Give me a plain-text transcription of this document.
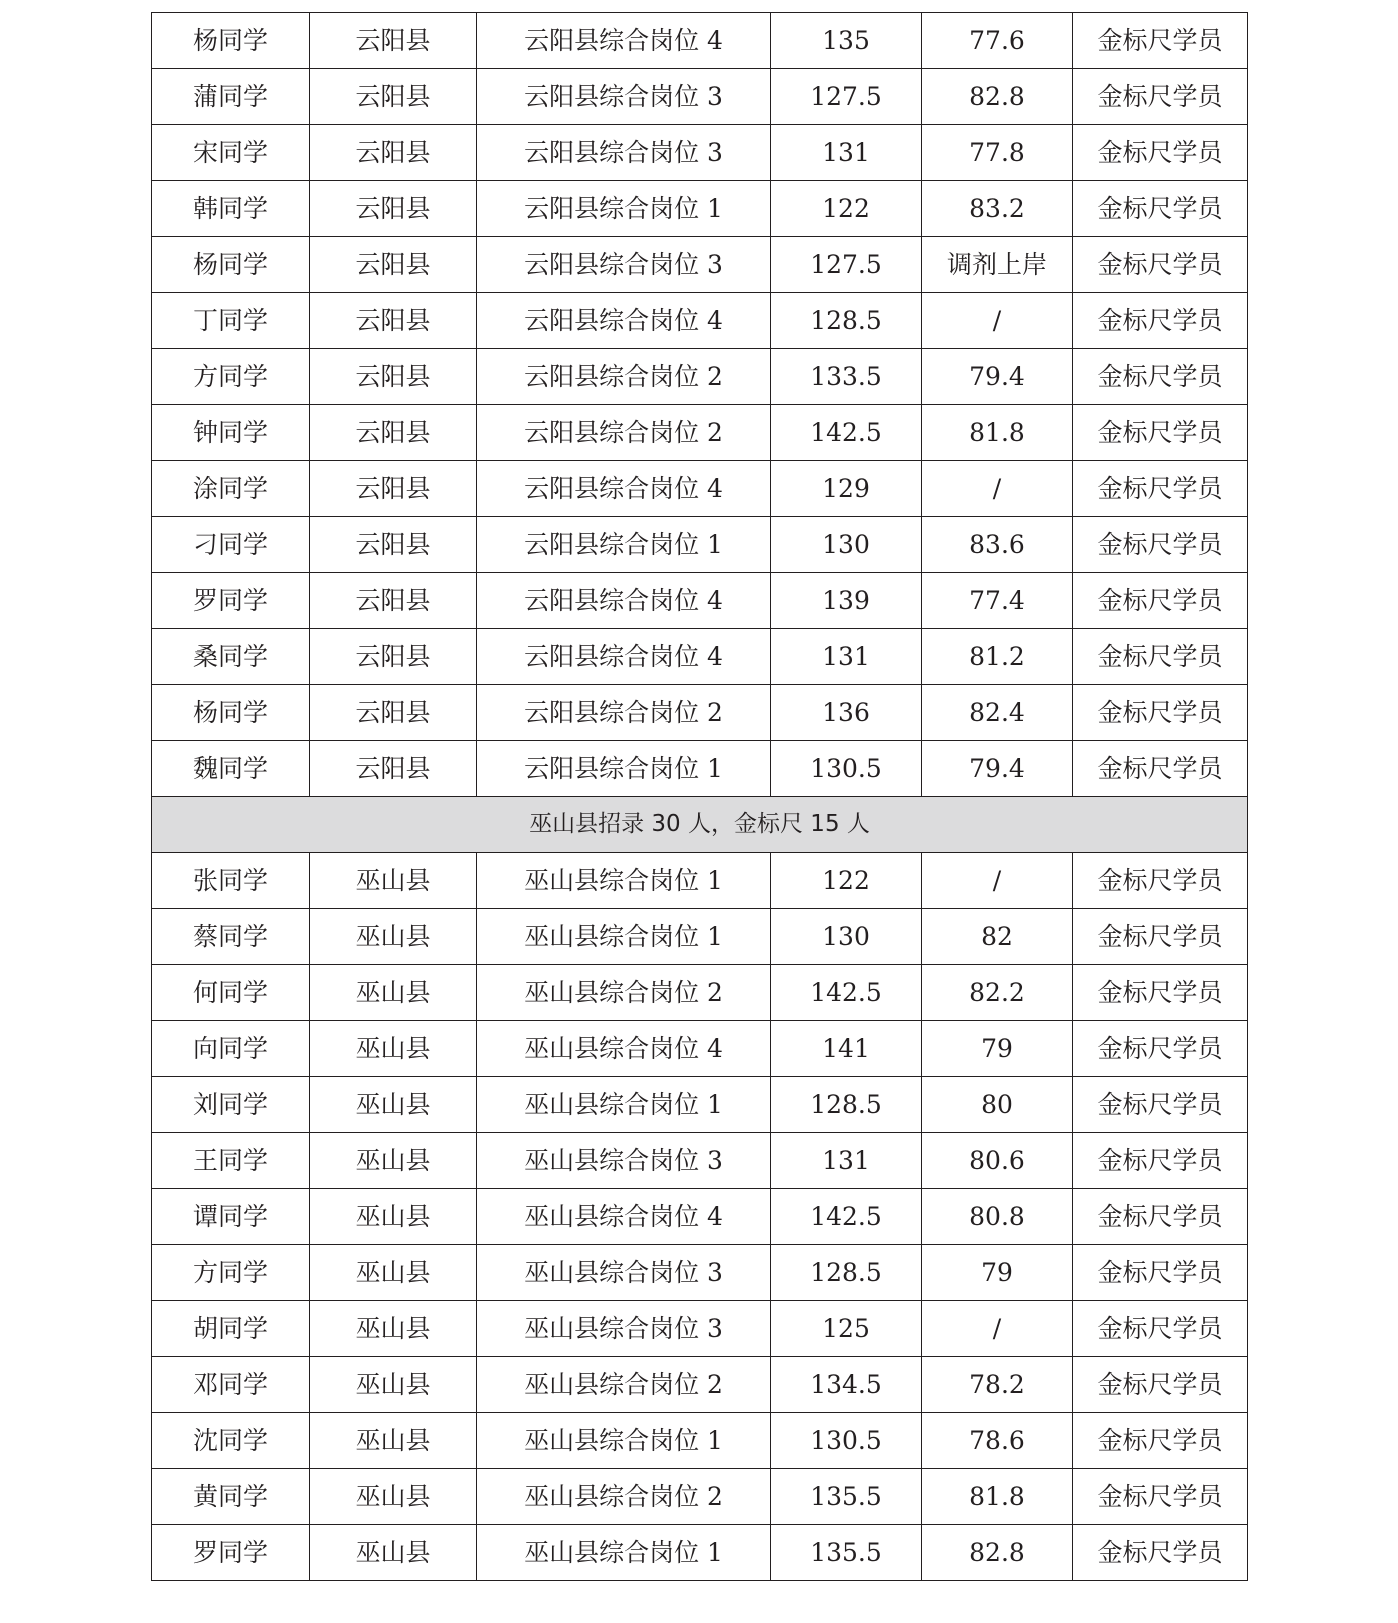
杨同学	云阳县	云阳县综合岗位 4	135	77.6	金标尺学员
蒲同学	云阳县	云阳县综合岗位 3	127.5	82.8	金标尺学员
宋同学	云阳县	云阳县综合岗位 3	131	77.8	金标尺学员
韩同学	云阳县	云阳县综合岗位 1	122	83.2	金标尺学员
杨同学	云阳县	云阳县综合岗位 3	127.5	调剂上岸	金标尺学员
丁同学	云阳县	云阳县综合岗位 4	128.5	/	金标尺学员
方同学	云阳县	云阳县综合岗位 2	133.5	79.4	金标尺学员
钟同学	云阳县	云阳县综合岗位 2	142.5	81.8	金标尺学员
涂同学	云阳县	云阳县综合岗位 4	129	/	金标尺学员
刁同学	云阳县	云阳县综合岗位 1	130	83.6	金标尺学员
罗同学	云阳县	云阳县综合岗位 4	139	77.4	金标尺学员
桑同学	云阳县	云阳县综合岗位 4	131	81.2	金标尺学员
杨同学	云阳县	云阳县综合岗位 2	136	82.4	金标尺学员
魏同学	云阳县	云阳县综合岗位 1	130.5	79.4	金标尺学员
巫山县招录 30 人，金标尺 15 人					
张同学	巫山县	巫山县综合岗位 1	122	/	金标尺学员
蔡同学	巫山县	巫山县综合岗位 1	130	82	金标尺学员
何同学	巫山县	巫山县综合岗位 2	142.5	82.2	金标尺学员
向同学	巫山县	巫山县综合岗位 4	141	79	金标尺学员
刘同学	巫山县	巫山县综合岗位 1	128.5	80	金标尺学员
王同学	巫山县	巫山县综合岗位 3	131	80.6	金标尺学员
谭同学	巫山县	巫山县综合岗位 4	142.5	80.8	金标尺学员
方同学	巫山县	巫山县综合岗位 3	128.5	79	金标尺学员
胡同学	巫山县	巫山县综合岗位 3	125	/	金标尺学员
邓同学	巫山县	巫山县综合岗位 2	134.5	78.2	金标尺学员
沈同学	巫山县	巫山县综合岗位 1	130.5	78.6	金标尺学员
黄同学	巫山县	巫山县综合岗位 2	135.5	81.8	金标尺学员
罗同学	巫山县	巫山县综合岗位 1	135.5	82.8	金标尺学员
